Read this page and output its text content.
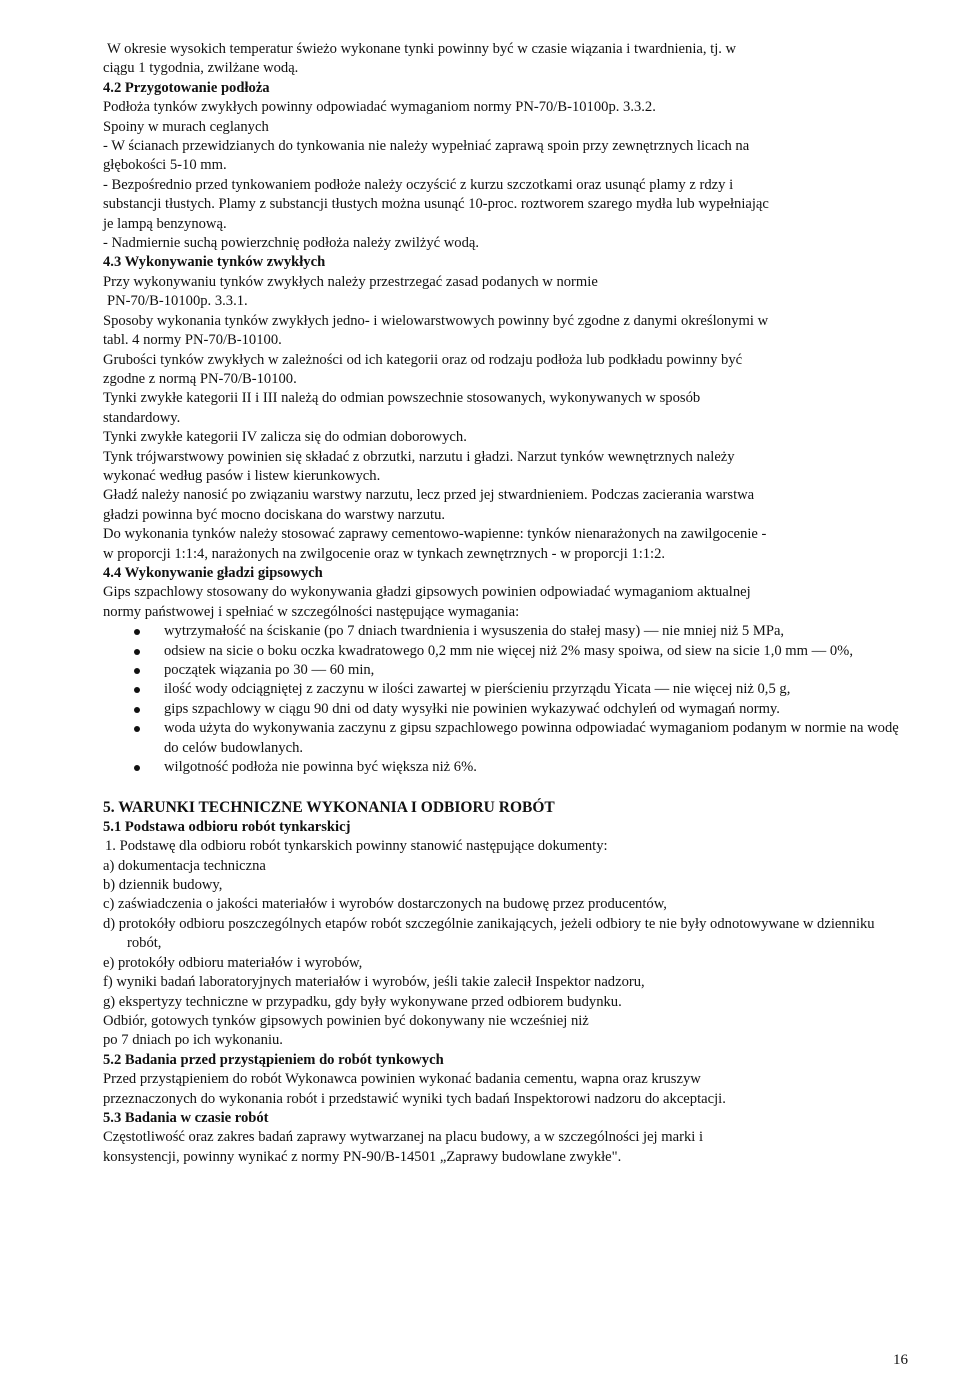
W okresie wysokich temperatur świeżo wykonane tynki powinny być w czasie wiązania i twardnienia, tj. w

ciągu 1 tygodnia, zwilżane wodą.

4.2 Przygotowanie podłoża

Podłoża tynków zwykłych powinny odpowiadać wymaganiom normy PN-70/B-10100p. 3.3.2.

Spoiny w murach ceglanych

- W ścianach przewidzianych do tynkowania nie należy wypełniać zaprawą spoin przy zewnętrznych licach na

głębokości 5-10 mm.

- Bezpośrednio przed tynkowaniem podłoże należy oczyścić z kurzu szczotkami oraz usunąć plamy z rdzy i

substancji tłustych. Plamy z substancji tłustych można usunąć 10-proc. roztworem szarego mydła lub wypełniając

je lampą benzynową.

- Nadmiernie suchą powierzchnię podłoża należy zwilżyć wodą.

4.3 Wykonywanie tynków zwykłych

Przy wykonywaniu tynków zwykłych należy przestrzegać zasad podanych w normie

PN-70/B-10100p. 3.3.1.

Sposoby wykonania tynków zwykłych jedno- i wielowarstwowych powinny być zgodne z danymi określonymi w

tabl. 4 normy PN-70/B-10100.

Grubości tynków zwykłych w zależności od ich kategorii oraz od rodzaju podłoża lub podkładu powinny być

zgodne z normą PN-70/B-10100.

Tynki zwykłe kategorii II i III należą do odmian powszechnie stosowanych, wykonywanych w sposób

standardowy.

Tynki zwykłe kategorii IV zalicza się do odmian doborowych.

Tynk trójwarstwowy powinien się składać z obrzutki, narzutu i gładzi. Narzut tynków wewnętrznych należy

wykonać według pasów i listew kierunkowych.

Gładź należy nanosić po związaniu warstwy narzutu, lecz przed jej stwardnieniem. Podczas zacierania warstwa

gładzi powinna być mocno dociskana do warstwy narzutu.

Do wykonania tynków należy stosować zaprawy cementowo-wapienne: tynków nienarażonych na zawilgocenie -

w proporcji 1:1:4, narażonych na zwilgocenie oraz w tynkach zewnętrznych - w proporcji 1:1:2.

4.4 Wykonywanie gładzi gipsowych

Gips szpachlowy stosowany do wykonywania gładzi gipsowych powinien odpowiadać wymaganiom aktualnej

normy państwowej i spełniać w szczególności następujące wymagania:

wytrzymałość na ściskanie (po 7 dniach twardnienia i wysuszenia do stałej masy) — nie mniej niż 5 MPa,
odsiew na sicie o boku oczka kwadratowego 0,2 mm nie więcej niż 2% masy spoiwa, od siew na sicie 1,0 mm — 0%,
początek wiązania po 30 — 60 min,
ilość wody odciągniętej z zaczynu w ilości zawartej w pierścieniu przyrządu Yicata — nie więcej niż 0,5 g,
gips szpachlowy w ciągu 90 dni od daty wysyłki nie powinien wykazywać odchyleń od wymagań normy.
woda użyta do wykonywania zaczynu z gipsu szpachlowego powinna odpowiadać wymaganiom podanym w normie na wodę do celów budowlanych.
wilgotność podłoża nie powinna być większa niż 6%.

5. WARUNKI TECHNICZNE WYKONANIA I ODBIORU ROBÓT

5.1 Podstawa odbioru robót tynkarskicj

1. Podstawę dla odbioru robót tynkarskich powinny stanowić następujące dokumenty:

a) dokumentacja techniczna

b) dziennik budowy,

c) zaświadczenia o jakości materiałów i wyrobów dostarczonych na budowę przez producentów,

d) protokóły odbioru poszczególnych etapów robót szczególnie zanikających, jeżeli odbiory te nie były odnotowywane w dzienniku robót,

e) protokóły odbioru materiałów i wyrobów,

f) wyniki badań laboratoryjnych materiałów i wyrobów, jeśli takie zalecił Inspektor nadzoru,

g) ekspertyzy techniczne w przypadku, gdy były wykonywane przed odbiorem budynku.

Odbiór, gotowych tynków gipsowych powinien być dokonywany nie wcześniej niż

po 7 dniach po ich wykonaniu.

5.2 Badania przed przystąpieniem do robót tynkowych

Przed przystąpieniem do robót Wykonawca powinien wykonać badania cementu, wapna oraz kruszyw

przeznaczonych do wykonania robót i przedstawić wyniki tych badań Inspektorowi nadzoru do akceptacji.

5.3 Badania w czasie robót

Częstotliwość oraz zakres badań zaprawy wytwarzanej na placu budowy, a w szczególności jej marki i

konsystencji, powinny wynikać z normy PN-90/B-14501 „Zaprawy budowlane zwykłe".

16
